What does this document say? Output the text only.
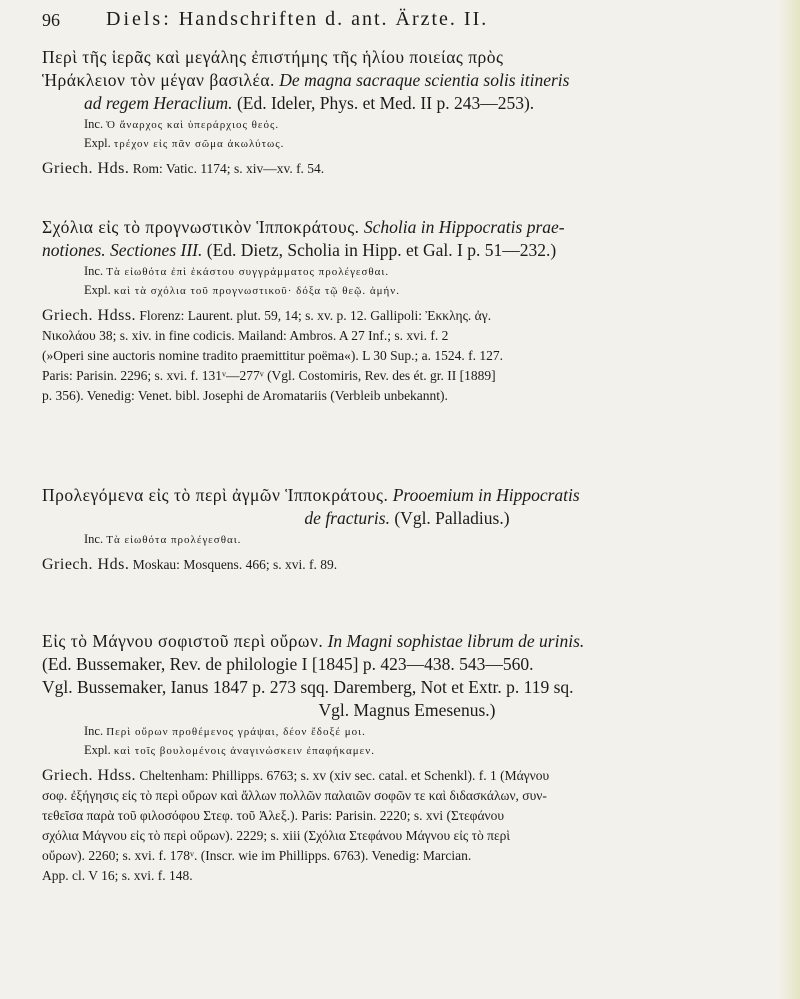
96 Diels: Handschriften d. ant. Ärzte. II.
Περὶ τῆς ἱερᾶς καὶ μεγάλης ἐπιστήμης τῆς ἡλίου ποιείας πρὸς
Ἡράκλειον τὸν μέγαν βασιλέα. De magna sacraque scientia solis itineris
ad regem Heraclium. (Ed. Ideler, Phys. et Med. II p. 243—253).
Inc. Ὁ ἄναρχος καὶ ὑπεράρχιος θεός.
Expl. τρέχον εἰς πᾶν σῶμα ἀκωλύτως.
Griech. Hds. Rom: Vatic. 1174; s. xiv—xv. f. 54.
Σχόλια εἰς τὸ προγνωστικὸν Ἱπποκράτους. Scholia in Hippocratis prae-
notiones. Sectiones III. (Ed. Dietz, Scholia in Hipp. et Gal. I p. 51—232.)
Inc. Τὰ εἰωθότα ἐπὶ ἑκάστου συγγράμματος προλέγεσθαι.
Expl. καὶ τὰ σχόλια τοῦ προγνωστικοῦ· δόξα τῷ θεῷ. ἀμήν.
Griech. Hdss. Florenz: Laurent. plut. 59, 14; s. xv. p. 12. Gallipoli: Ἐκκλης. ἀγ.
Νικολάου 38; s. xiv. in fine codicis. Mailand: Ambros. A 27 Inf.; s. xvi. f. 2
(»Operi sine auctoris nomine tradito praemittitur poëma«). L 30 Sup.; a. 1524. f. 127.
Paris: Parisin. 2296; s. xvi. f. 131ᵛ—277ᵛ (Vgl. Costomiris, Rev. des ét. gr. II [1889]
p. 356). Venedig: Venet. bibl. Josephi de Aromatariis (Verbleib unbekannt).
Προλεγόμενα εἰς τὸ περὶ ἀγμῶν Ἱπποκράτους. Prooemium in Hippocratis
de fracturis. (Vgl. Palladius.)
Inc. Τὰ εἰωθότα προλέγεσθαι.
Griech. Hds. Moskau: Mosquens. 466; s. xvi. f. 89.
Εἰς τὸ Μάγνου σοφιστοῦ περὶ οὔρων. In Magni sophistae librum de urinis.
(Ed. Bussemaker, Rev. de philologie I [1845] p. 423—438. 543—560.
Vgl. Bussemaker, Ianus 1847 p. 273 sqq. Daremberg, Not et Extr. p. 119 sq.
Vgl. Magnus Emesenus.)
Inc. Περὶ οὔρων προθέμενος γράψαι, δέον ἔδοξέ μοι.
Expl. καὶ τοῖς βουλομένοις ἀναγινώσκειν ἐπαφήκαμεν.
Griech. Hdss. Cheltenham: Phillipps. 6763; s. xv (xiv sec. catal. et Schenkl). f. 1 (Μάγνου
σοφ. ἐξήγησις εἰς τὸ περὶ οὔρων καὶ ἄλλων πολλῶν παλαιῶν σοφῶν τε καὶ διδασκάλων, συν-
τεθεῖσα παρὰ τοῦ φιλοσόφου Στεφ. τοῦ Ἀλεξ.). Paris: Parisin. 2220; s. xvi (Στεφάνου
σχόλια Μάγνου εἰς τὸ περὶ οὔρων). 2229; s. xiii (Σχόλια Στεφάνου Μάγνου εἰς τὸ περὶ
οὔρων). 2260; s. xvi. f. 178ᵛ. (Inscr. wie im Phillipps. 6763). Venedig: Marcian.
App. cl. V 16; s. xvi. f. 148.
